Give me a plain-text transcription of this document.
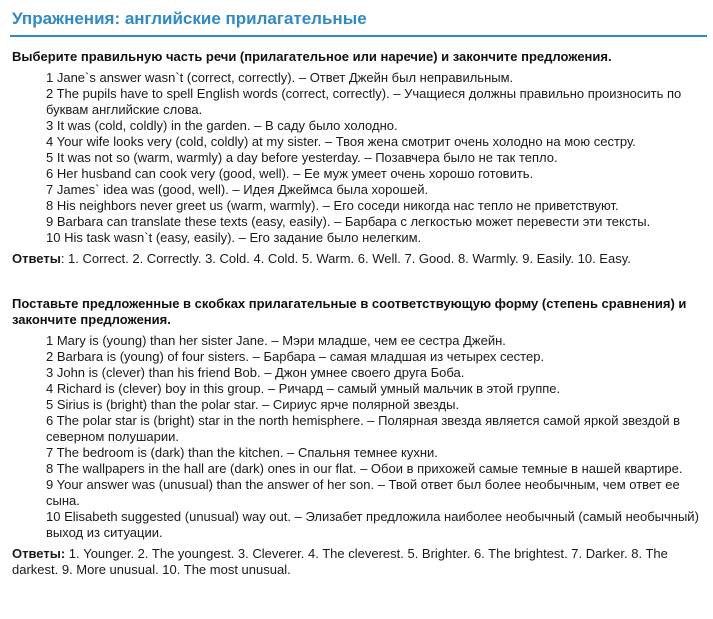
Упражнения: английские прилагательные

Выберите правильную часть речи (прилагательное или наречие) и закончите предложения.

1 Jane`s answer wasn`t (correct, correctly). – Ответ Джейн был неправильным.
2 The pupils have to spell English words (correct, correctly). – Учащиеся должны правильно произносить по буквам английские слова.
3 It was (cold, coldly) in the garden. – В саду было холодно.
4 Your wife looks very (cold, coldly) at my sister. – Твоя жена смотрит очень холодно на мою сестру.
5 It was not so (warm, warmly) a day before yesterday. – Позавчера было не так тепло.
6 Her husband can cook very (good, well). – Ее муж умеет очень хорошо готовить.
7 James` idea was (good, well). – Идея Джеймса была хорошей.
8 His neighbors never greet us (warm, warmly). – Его соседи никогда нас тепло не приветствуют.
9 Barbara can translate these texts (easy, easily). – Барбара с легкостью может перевести эти тексты.
10 His task wasn`t (easy, easily). – Его задание было нелегким.

Ответы: 1. Correct. 2. Correctly. 3. Cold. 4. Cold. 5. Warm. 6. Well. 7. Good. 8. Warmly. 9. Easily. 10. Easy.

Поставьте предложенные в скобках прилагательные в соответствующую форму (степень сравнения) и закончите предложения.

1 Mary is (young) than her sister Jane. – Мэри младше, чем ее сестра Джейн.
2 Barbara is (young) of four sisters. – Барбара – самая младшая из четырех сестер.
3 John is (clever) than his friend Bob. – Джон умнее своего друга Боба.
4 Richard is (clever) boy in this group. – Ричард – самый умный мальчик в этой группе.
5 Sirius is (bright) than the polar star. – Сириус ярче полярной звезды.
6 The polar star is (bright) star in the north hemisphere. – Полярная звезда является самой яркой звездой в северном полушарии.
7 The bedroom is (dark) than the kitchen. – Спальня темнее кухни.
8 The wallpapers in the hall are (dark) ones in our flat. – Обои в прихожей самые темные в нашей квартире.
9 Your answer was (unusual) than the answer of her son. – Твой ответ был более необычным, чем ответ ее сына.
10 Elisabeth suggested (unusual) way out. – Элизабет предложила наиболее необычный (самый необычный) выход из ситуации.

Ответы: 1. Younger. 2. The youngest. 3. Cleverer. 4. The cleverest. 5. Brighter. 6. The brightest. 7. Darker. 8. The darkest. 9. More unusual. 10. The most unusual.
